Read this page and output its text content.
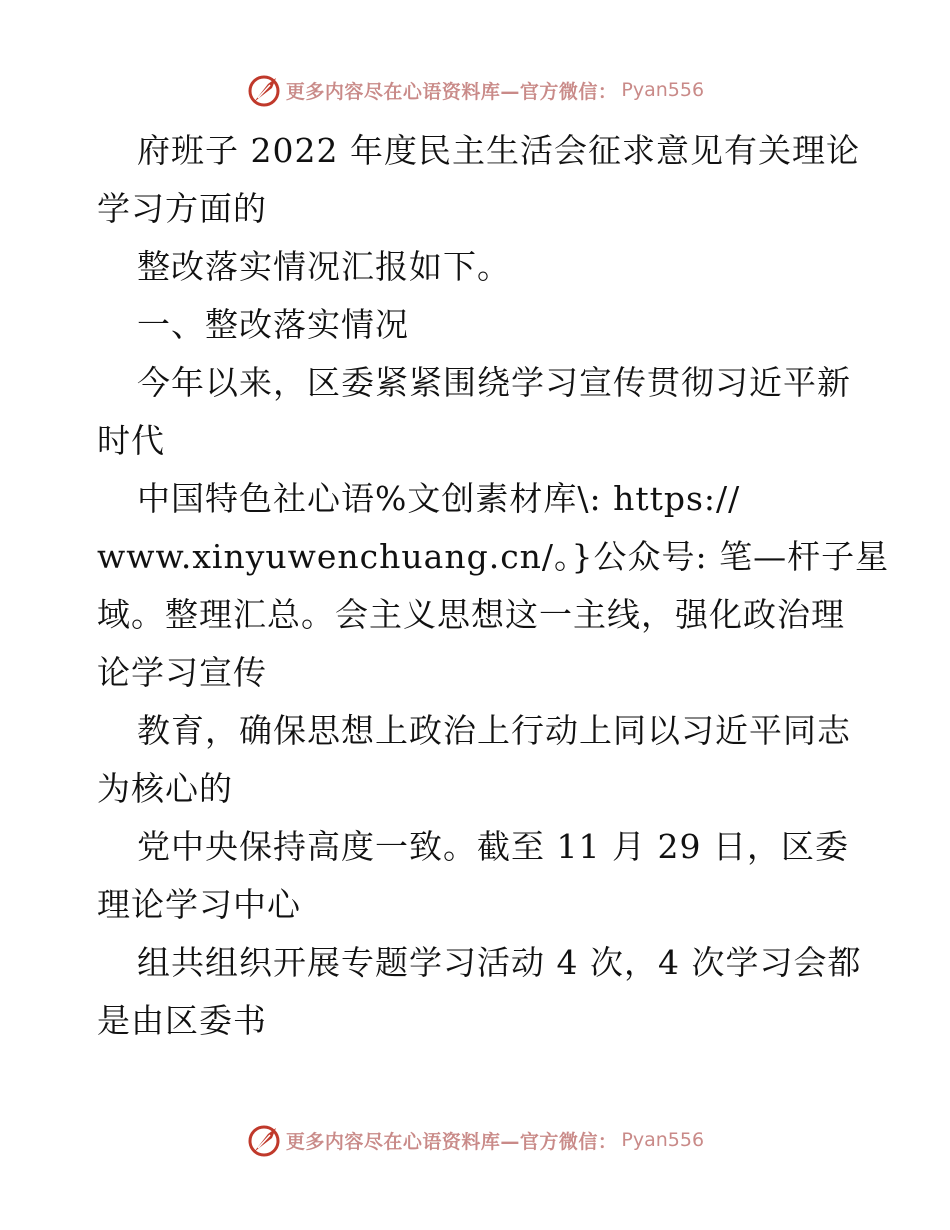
更多内容尽在心语资料库—官方微信： Pyan556
府班子 2022 年度民主生活会征求意见有关理论
学习方面的
整改落实情况汇报如下。
一、整改落实情况
今年以来，区委紧紧围绕学习宣传贯彻习近平新
时代
中国特色社心语%文创素材库\: https://
www.xinyuwenchuang.cn/。}公众号: 笔—杆子星
域。整理汇总。会主义思想这一主线，强化政治理
论学习宣传
教育，确保思想上政治上行动上同以习近平同志
为核心的
党中央保持高度一致。截至 11 月 29 日，区委
理论学习中心
组共组织开展专题学习活动 4 次，4 次学习会都
是由区委书
更多内容尽在心语资料库—官方微信： Pyan556
